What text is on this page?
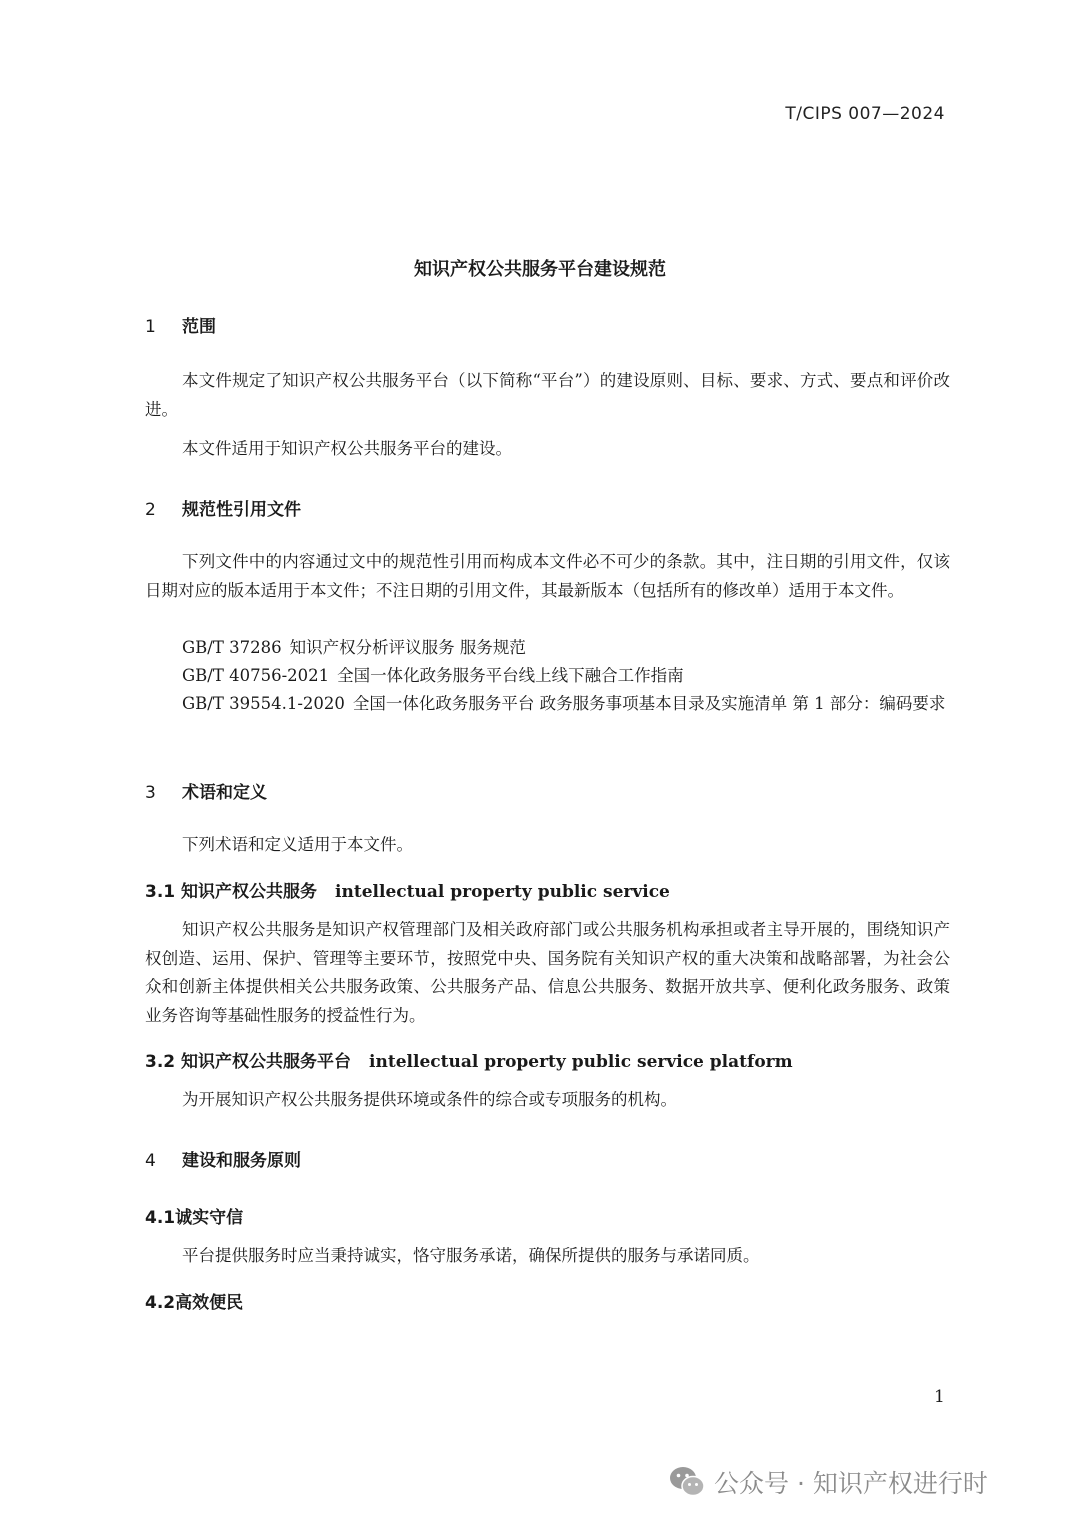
T/CIPS 007—2024
知识产权公共服务平台建设规范
1 范围
本文件规定了知识产权公共服务平台（以下简称“平台”）的建设原则、目标、要求、方式、要点和评价改进。
本文件适用于知识产权公共服务平台的建设。
2 规范性引用文件
下列文件中的内容通过文中的规范性引用而构成本文件必不可少的条款。其中，注日期的引用文件，仅该日期对应的版本适用于本文件；不注日期的引用文件，其最新版本（包括所有的修改单）适用于本文件。
GB/T 37286 知识产权分析评议服务 服务规范
GB/T 40756-2021 全国一体化政务服务平台线上线下融合工作指南
GB/T 39554.1-2020 全国一体化政务服务平台 政务服务事项基本目录及实施清单 第 1 部分：编码要求
3 术语和定义
下列术语和定义适用于本文件。
3.1 知识产权公共服务 intellectual property public service
知识产权公共服务是知识产权管理部门及相关政府部门或公共服务机构承担或者主导开展的，围绕知识产权创造、运用、保护、管理等主要环节，按照党中央、国务院有关知识产权的重大决策和战略部署，为社会公众和创新主体提供相关公共服务政策、公共服务产品、信息公共服务、数据开放共享、便利化政务服务、政策业务咨询等基础性服务的授益性行为。
3.2 知识产权公共服务平台 intellectual property public service platform
为开展知识产权公共服务提供环境或条件的综合或专项服务的机构。
4 建设和服务原则
4.1诚实守信
平台提供服务时应当秉持诚实，恪守服务承诺，确保所提供的服务与承诺同质。
4.2高效便民
1
公众号 · 知识产权进行时
